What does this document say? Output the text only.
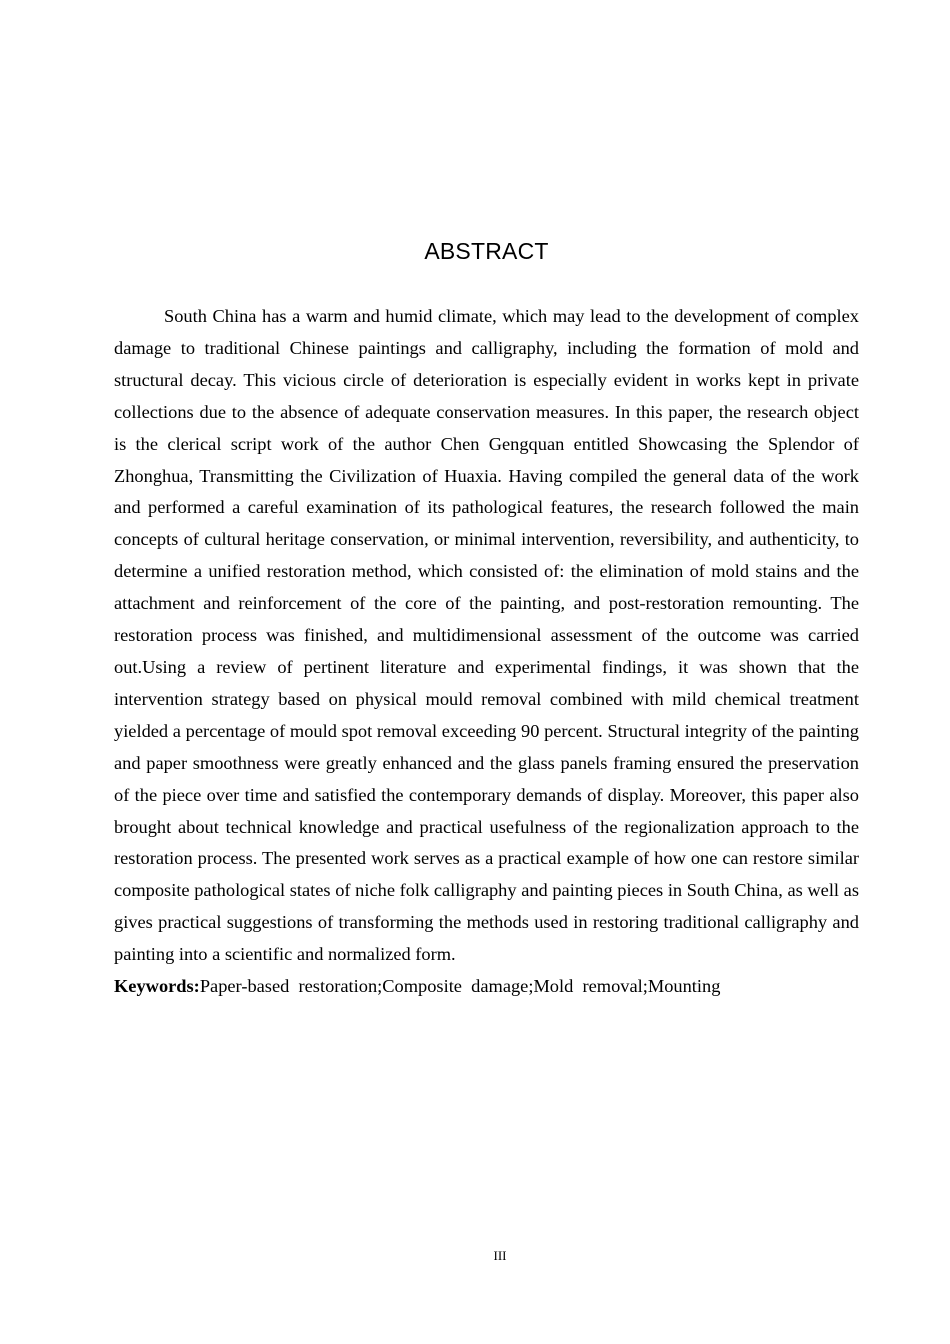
ABSTRACT

South China has a warm and humid climate, which may lead to the development of complex damage to traditional Chinese paintings and calligraphy, including the formation of mold and structural decay. This vicious circle of deterioration is especially evident in works kept in private collections due to the absence of adequate conservation measures. In this paper, the research object is the clerical script work of the author Chen Gengquan entitled Showcasing the Splendor of Zhonghua, Transmitting the Civilization of Huaxia. Having compiled the general data of the work and performed a careful examination of its pathological features, the research followed the main concepts of cultural heritage conservation, or minimal intervention, reversibility, and authenticity, to determine a unified restoration method, which consisted of: the elimination of mold stains and the attachment and reinforcement of the core of the painting, and post-restoration remounting. The restoration process was finished, and multidimensional assessment of the outcome was carried out.Using a review of pertinent literature and experimental findings, it was shown that the intervention strategy based on physical mould removal combined with mild chemical treatment yielded a percentage of mould spot removal exceeding 90 percent. Structural integrity of the painting and paper smoothness were greatly enhanced and the glass panels framing ensured the preservation of the piece over time and satisfied the contemporary demands of display. Moreover, this paper also brought about technical knowledge and practical usefulness of the regionalization approach to the restoration process. The presented work serves as a practical example of how one can restore similar composite pathological states of niche folk calligraphy and painting pieces in South China, as well as gives practical suggestions of transforming the methods used in restoring traditional calligraphy and painting into a scientific and normalized form.

Keywords:Paper-based  restoration;Composite  damage;Mold  removal;Mounting

III
